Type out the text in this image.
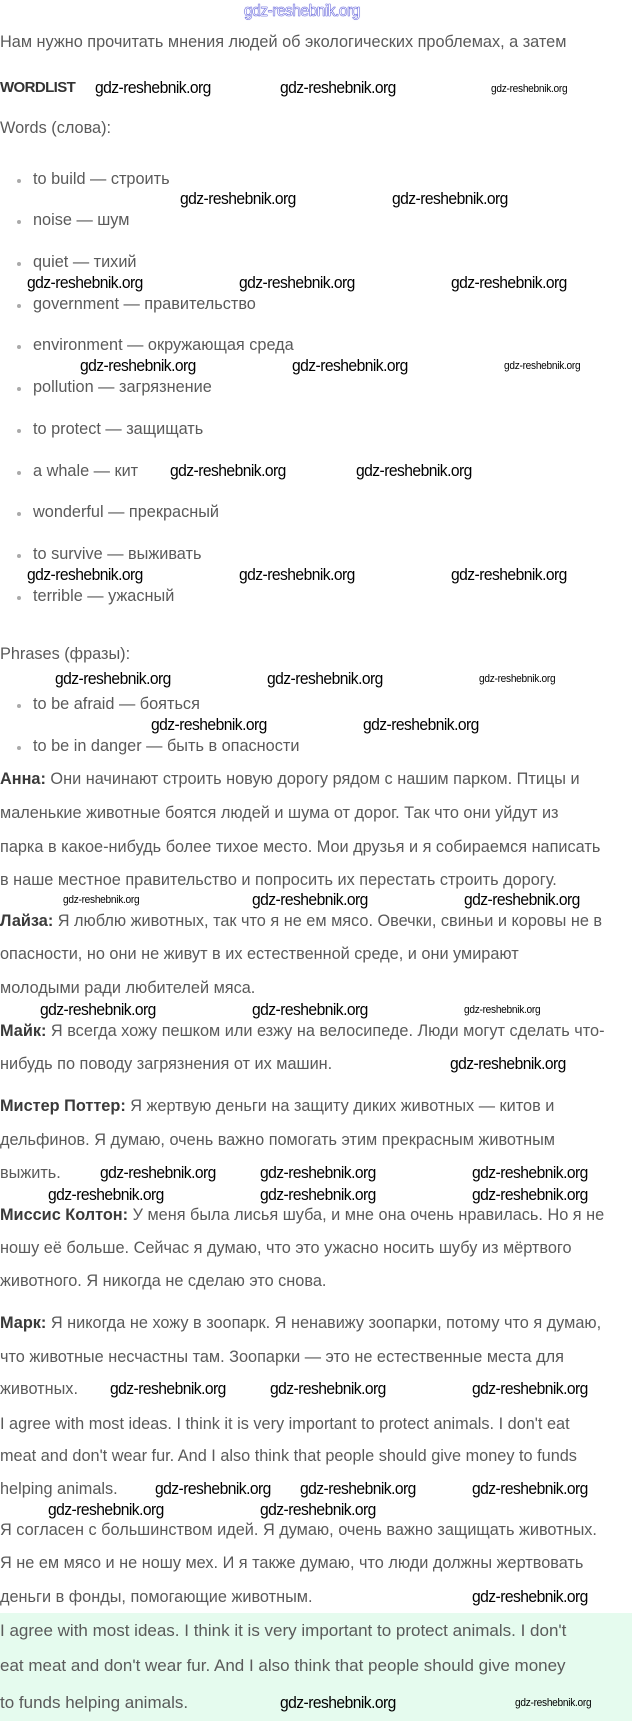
Нам нужно прочитать мнения людей об экологических проблемах, а затем
WORDLIST
Words (слова):
to build — строить
noise — шум
quiet — тихий
government — правительство
environment — окружающая среда
pollution — загрязнение
to protect — защищать
a whale — кит
wonderful — прекрасный
to survive — выживать
terrible — ужасный
Phrases (фразы):
to be afraid — бояться
to be in danger — быть в опасности
Анна: Они начинают строить новую дорогу рядом с нашим парком. Птицы и
маленькие животные боятся людей и шума от дорог. Так что они уйдут из
парка в какое-нибудь более тихое место. Мои друзья и я собираемся написать
в наше местное правительство и попросить их перестать строить дорогу.
Лайза: Я люблю животных, так что я не ем мясо. Овечки, свиньи и коровы не в
опасности, но они не живут в их естественной среде, и они умирают
молодыми ради любителей мяса.
Майк: Я всегда хожу пешком или езжу на велосипеде. Люди могут сделать что-
нибудь по поводу загрязнения от их машин.
Мистер Поттер: Я жертвую деньги на защиту диких животных — китов и
дельфинов. Я думаю, очень важно помогать этим прекрасным животным
выжить.
Миссис Колтон: У меня была лисья шуба, и мне она очень нравилась. Но я не
ношу её больше. Сейчас я думаю, что это ужасно носить шубу из мёртвого
животного. Я никогда не сделаю это снова.
Марк: Я никогда не хожу в зоопарк. Я ненавижу зоопарки, потому что я думаю,
что животные несчастны там. Зоопарки — это не естественные места для
животных.
I agree with most ideas. I think it is very important to protect animals. I don't eat
meat and don't wear fur. And I also think that people should give money to funds
helping animals.
Я согласен с большинством идей. Я думаю, очень важно защищать животных.
Я не ем мясо и не ношу мех. И я также думаю, что люди должны жертвовать
деньги в фонды, помогающие животным.
I agree with most ideas. I think it is very important to protect animals. I don't
eat meat and don't wear fur. And I also think that people should give money
to funds helping animals.
gdz-reshebnik.org
gdz-reshebnik.org	gdz-reshebnik.org	gdz-reshebnik.org
gdz-reshebnik.org	gdz-reshebnik.org
gdz-reshebnik.org	gdz-reshebnik.org	gdz-reshebnik.org
gdz-reshebnik.org	gdz-reshebnik.org	gdz-reshebnik.org
gdz-reshebnik.org	gdz-reshebnik.org
gdz-reshebnik.org	gdz-reshebnik.org	gdz-reshebnik.org
gdz-reshebnik.org	gdz-reshebnik.org	gdz-reshebnik.org
gdz-reshebnik.org	gdz-reshebnik.org
gdz-reshebnik.org	gdz-reshebnik.org	gdz-reshebnik.org
gdz-reshebnik.org	gdz-reshebnik.org	gdz-reshebnik.org
gdz-reshebnik.org
gdz-reshebnik.org	gdz-reshebnik.org	gdz-reshebnik.org
gdz-reshebnik.org	gdz-reshebnik.org	gdz-reshebnik.org
gdz-reshebnik.org	gdz-reshebnik.org	gdz-reshebnik.org
gdz-reshebnik.org gdz-reshebnik.org	gdz-reshebnik.org
gdz-reshebnik.org	gdz-reshebnik.org
gdz-reshebnik.org
gdz-reshebnik.org	gdz-reshebnik.org
